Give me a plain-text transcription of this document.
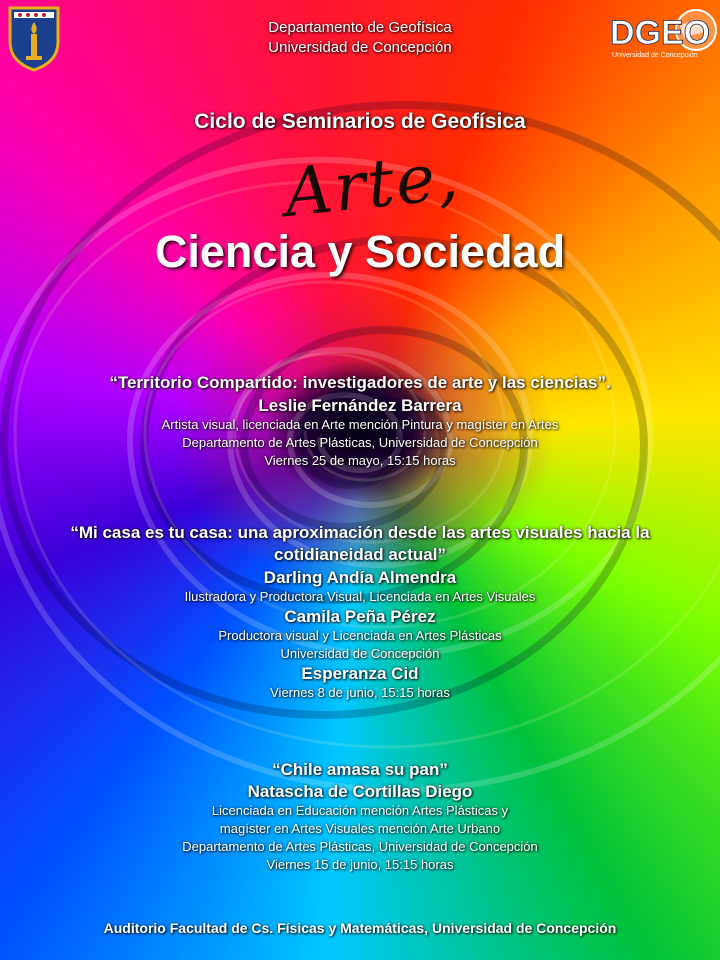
DGEO
Universidad de Concepción
Departamento de Geofísica
Universidad de Concepción
Ciclo de Seminarios de Geofísica
Arte,
Ciencia y Sociedad
“Territorio Compartido: investigadores de arte y las ciencias”.
Leslie Fernández Barrera
Artista visual, licenciada en Arte mención Pintura y magíster en Artes
Departamento de Artes Plásticas, Universidad de Concepción
Viernes 25 de mayo, 15:15 horas
“Mi casa es tu casa: una aproximación desde las artes visuales hacia la
cotidianeidad actual”
Darling Andía Almendra
Ilustradora y Productora Visual, Licenciada en Artes Visuales
Camila Peña Pérez
Productora visual y Licenciada en Artes Plásticas
Universidad de Concepción
Esperanza Cid
Viernes 8 de junio, 15:15 horas
“Chile amasa su pan”
Natascha de Cortillas Diego
Licenciada en Educación mención Artes Plásticas y
magíster en Artes Visuales mención Arte Urbano
Departamento de Artes Plásticas, Universidad de Concepción
Viernes 15 de junio, 15:15 horas
Auditorio Facultad de Cs. Físicas y Matemáticas, Universidad de Concepción
